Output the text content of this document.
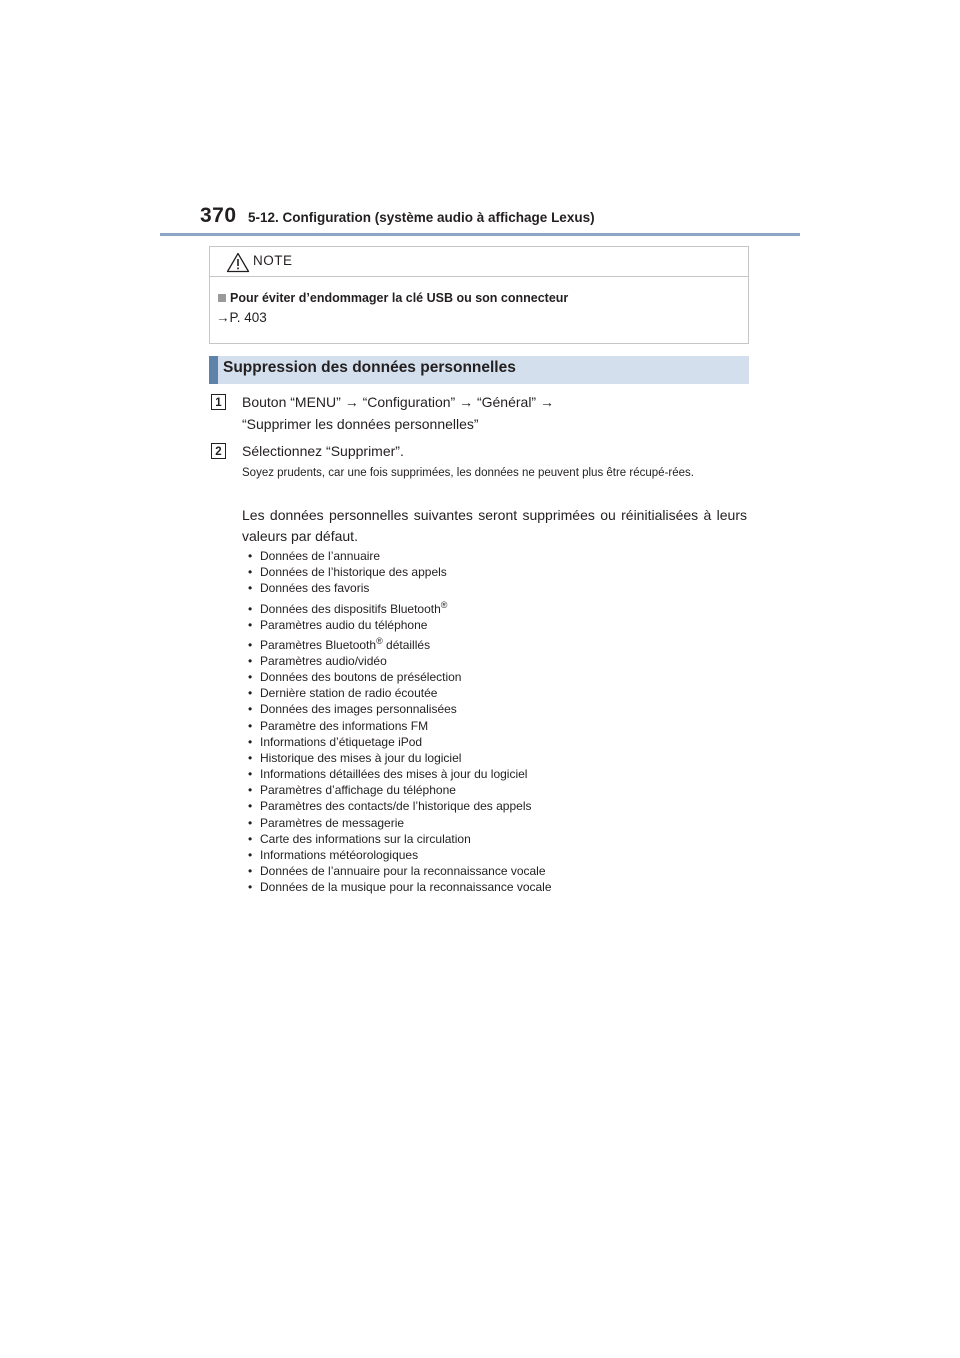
370 5-12. Configuration (système audio à affichage Lexus)
NOTE
Pour éviter d’endommager la clé USB ou son connecteur
→P. 403
Suppression des données personnelles
1	Bouton “MENU” → “Configuration” → “Général” →
“Supprimer les données personnelles”
2	Sélectionnez “Supprimer”.
Soyez prudents, car une fois supprimées, les données ne peuvent plus être récupé-rées.
Les données personnelles suivantes seront supprimées ou réinitialisées à leurs valeurs par défaut.
• Données de l’annuaire
• Données de l’historique des appels
• Données des favoris
• Données des dispositifs Bluetooth®
• Paramètres audio du téléphone
• Paramètres Bluetooth® détaillés
• Paramètres audio/vidéo
• Données des boutons de présélection
• Dernière station de radio écoutée
• Données des images personnalisées
• Paramètre des informations FM
• Informations d’étiquetage iPod
• Historique des mises à jour du logiciel
• Informations détaillées des mises à jour du logiciel
• Paramètres d’affichage du téléphone
• Paramètres des contacts/de l’historique des appels
• Paramètres de messagerie
• Carte des informations sur la circulation
• Informations météorologiques
• Données de l’annuaire pour la reconnaissance vocale
• Données de la musique pour la reconnaissance vocale
